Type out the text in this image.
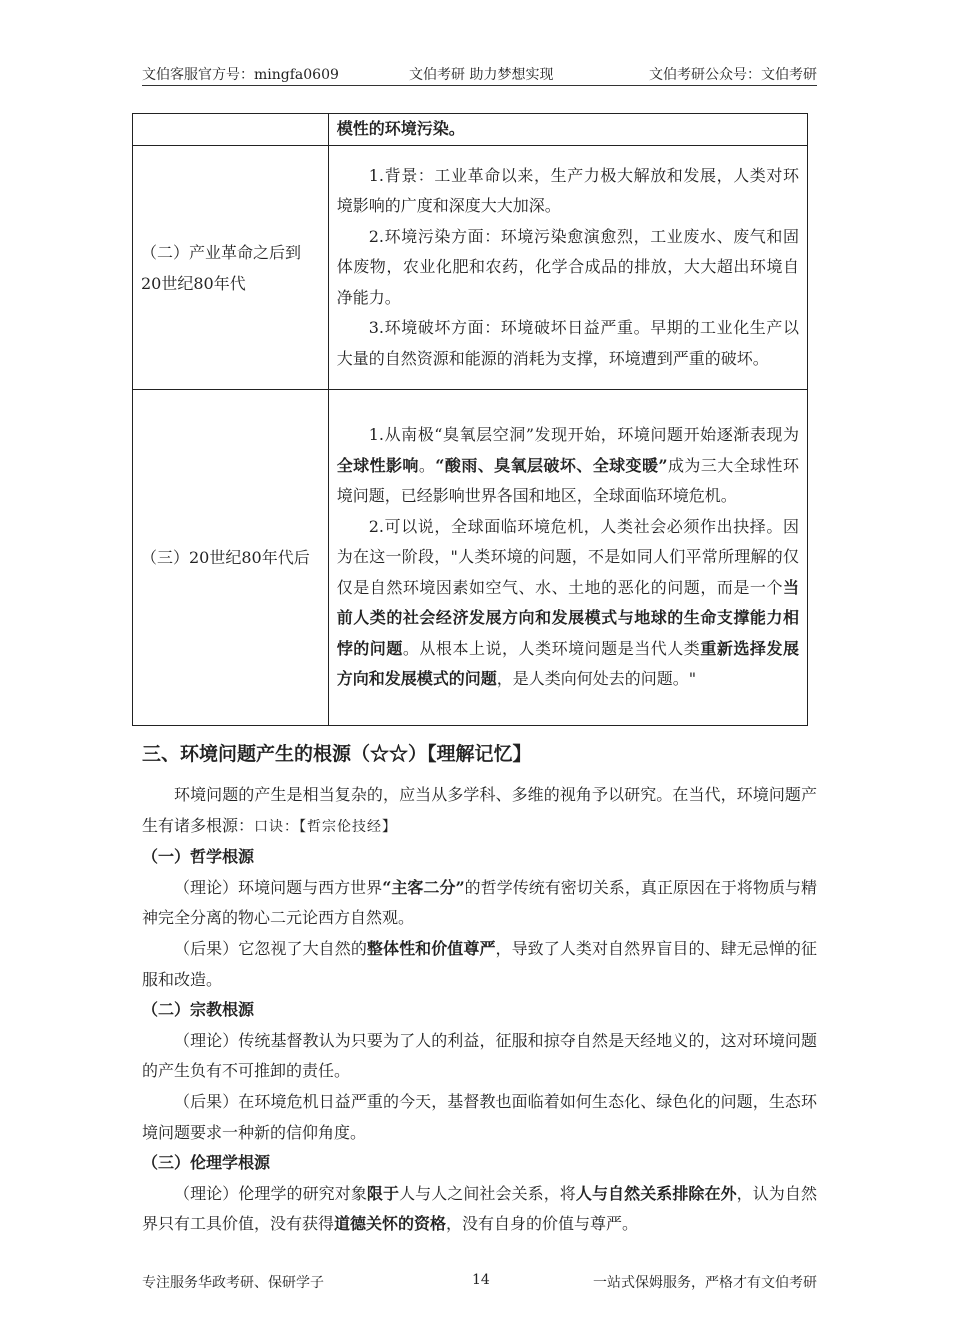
文伯客服官方号：mingfa0609	文伯考研 助力梦想实现	文伯考研公众号：文伯考研
	模性的环境污染。
（二）产业革命之后到20世纪80年代	1.背景：工业革命以来，生产力极大解放和发展，人类对环境影响的广度和深度大大加深。

2.环境污染方面：环境污染愈演愈烈，工业废水、废气和固体废物，农业化肥和农药，化学合成品的排放，大大超出环境自净能力。

3.环境破坏方面：环境破坏日益严重。早期的工业化生产以大量的自然资源和能源的消耗为支撑，环境遭到严重的破坏。

（三）20世纪80年代后	1.从南极“臭氧层空洞”发现开始，环境问题开始逐渐表现为全球性影响。“酸雨、臭氧层破坏、全球变暖”成为三大全球性环境问题，已经影响世界各国和地区，全球面临环境危机。

2.可以说，全球面临环境危机，人类社会必须作出抉择。因为在这一阶段，"人类环境的问题，不是如同人们平常所理解的仅仅是自然环境因素如空气、水、土地的恶化的问题，而是一个当前人类的社会经济发展方向和发展模式与地球的生命支撑能力相悖的问题。从根本上说，人类环境问题是当代人类重新选择发展方向和发展模式的问题，是人类向何处去的问题。"

三、环境问题产生的根源（☆☆）【理解记忆】

环境问题的产生是相当复杂的，应当从多学科、多维的视角予以研究。在当代，环境问题产生有诸多根源：口诀：【哲宗伦技经】

（一）哲学根源

（理论）环境问题与西方世界“主客二分”的哲学传统有密切关系，真正原因在于将物质与精神完全分离的物心二元论西方自然观。

（后果）它忽视了大自然的整体性和价值尊严，导致了人类对自然界盲目的、肆无忌惮的征服和改造。

（二）宗教根源

（理论）传统基督教认为只要为了人的利益，征服和掠夺自然是天经地义的，这对环境问题的产生负有不可推卸的责任。

（后果）在环境危机日益严重的今天，基督教也面临着如何生态化、绿色化的问题，生态环境问题要求一种新的信仰角度。

（三）伦理学根源

（理论）伦理学的研究对象限于人与人之间社会关系，将人与自然关系排除在外，认为自然界只有工具价值，没有获得道德关怀的资格，没有自身的价值与尊严。

专注服务华政考研、保研学子	14	一站式保姆服务，严格才有文伯考研
